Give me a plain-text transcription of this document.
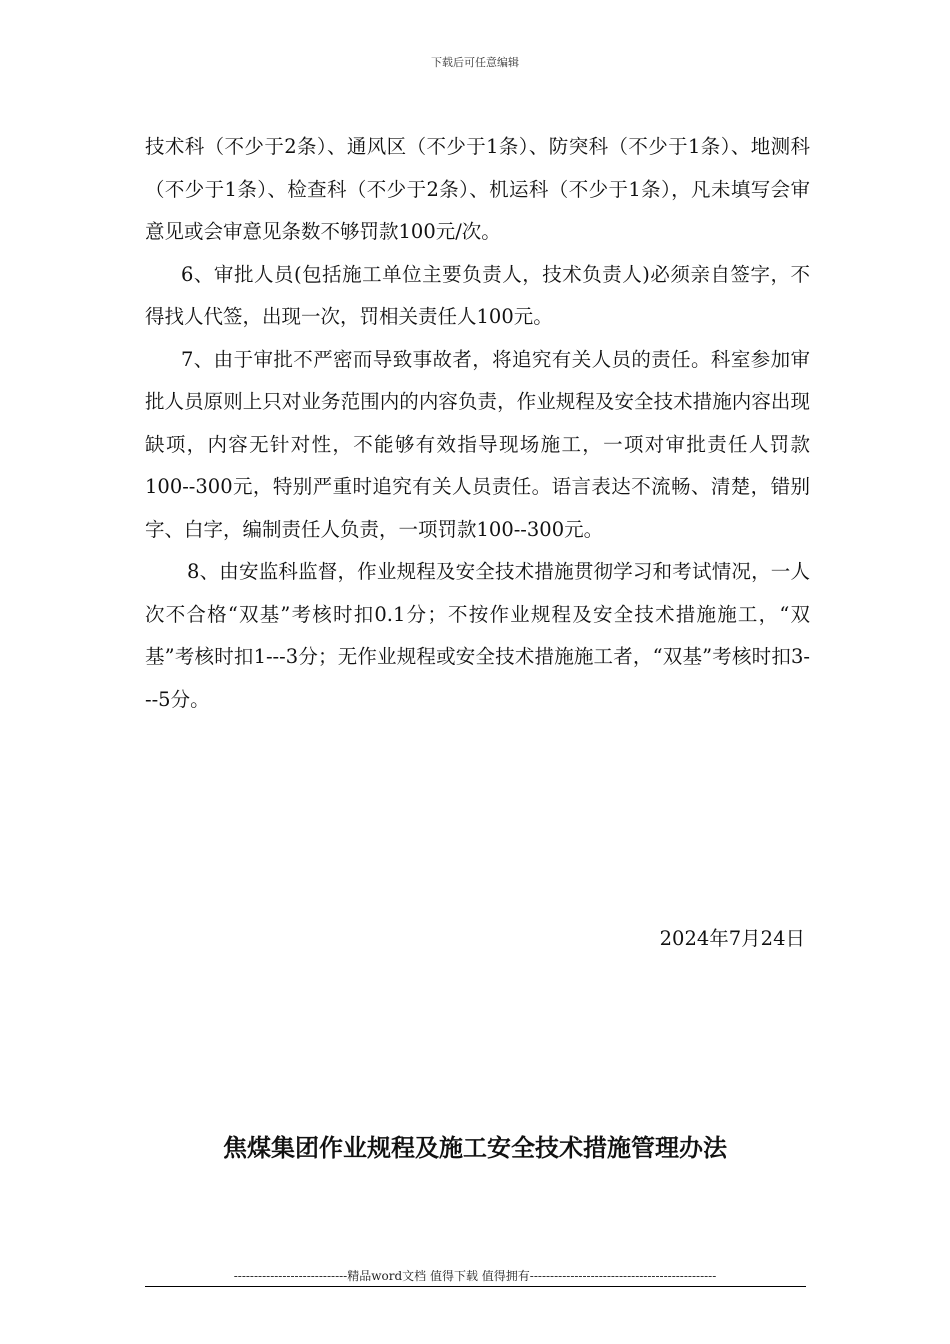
下载后可任意编辑

技术科（不少于2条）、通风区（不少于1条）、防突科（不少于1条）、地测科（不少于1条）、检查科（不少于2条）、机运科（不少于1条），凡未填写会审意见或会审意见条数不够罚款100元/次。

6、审批人员(包括施工单位主要负责人，技术负责人)必须亲自签字，不得找人代签，出现一次，罚相关责任人100元。

7、由于审批不严密而导致事故者，将追究有关人员的责任。科室参加审批人员原则上只对业务范围内的内容负责，作业规程及安全技术措施内容出现缺项，内容无针对性，不能够有效指导现场施工，一项对审批责任人罚款100--300元，特别严重时追究有关人员责任。语言表达不流畅、清楚，错别字、白字，编制责任人负责，一项罚款100--300元。

8、由安监科监督，作业规程及安全技术措施贯彻学习和考试情况，一人次不合格“双基”考核时扣0.1分；不按作业规程及安全技术措施施工，“双基”考核时扣1---3分；无作业规程或安全技术措施施工者，“双基”考核时扣3---5分。

2024年7月24日
焦煤集团作业规程及施工安全技术措施管理办法
----------------------------精品word文档 值得下载 值得拥有----------------------------------------------
